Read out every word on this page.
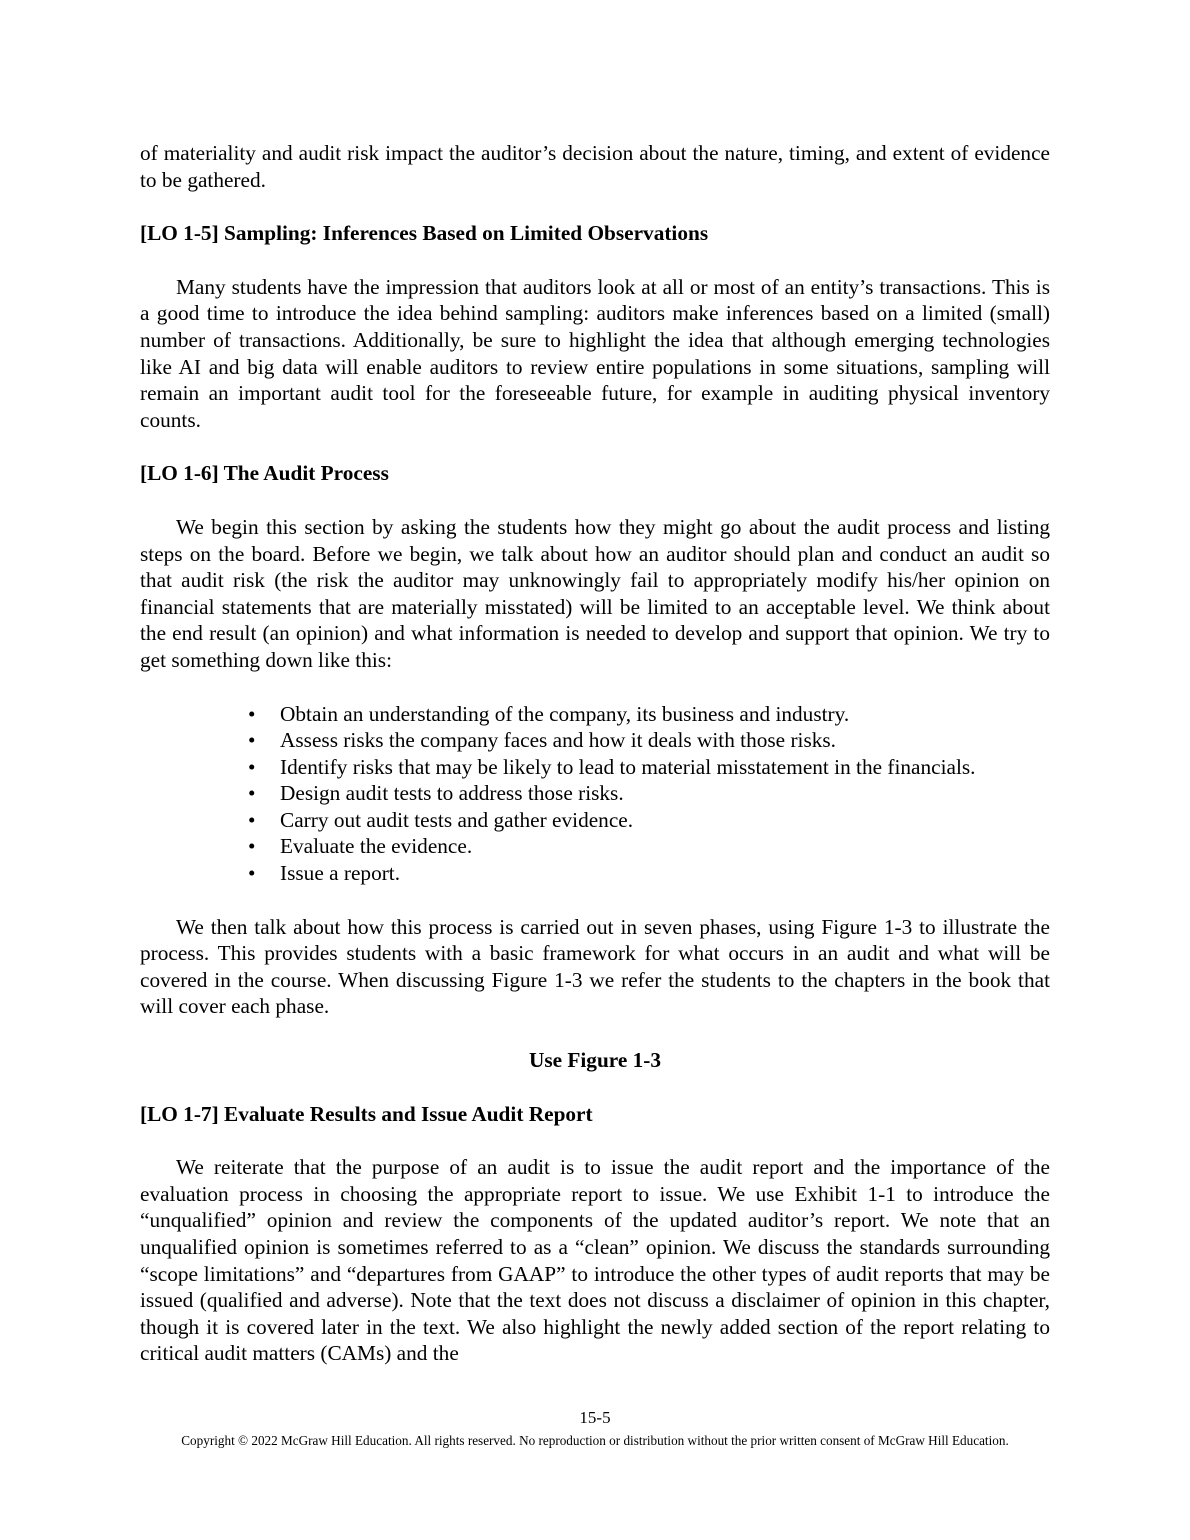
of materiality and audit risk impact the auditor’s decision about the nature, timing, and extent of evidence to be gathered.

[LO 1-5] Sampling: Inferences Based on Limited Observations

Many students have the impression that auditors look at all or most of an entity’s transactions. This is a good time to introduce the idea behind sampling: auditors make inferences based on a limited (small) number of transactions. Additionally, be sure to highlight the idea that although emerging technologies like AI and big data will enable auditors to review entire populations in some situations, sampling will remain an important audit tool for the foreseeable future, for example in auditing physical inventory counts.

[LO 1-6] The Audit Process

We begin this section by asking the students how they might go about the audit process and listing steps on the board. Before we begin, we talk about how an auditor should plan and conduct an audit so that audit risk (the risk the auditor may unknowingly fail to appropriately modify his/her opinion on financial statements that are materially misstated) will be limited to an acceptable level. We think about the end result (an opinion) and what information is needed to develop and support that opinion. We try to get something down like this:

• Obtain an understanding of the company, its business and industry.
• Assess risks the company faces and how it deals with those risks.
• Identify risks that may be likely to lead to material misstatement in the financials.
• Design audit tests to address those risks.
• Carry out audit tests and gather evidence.
• Evaluate the evidence.
• Issue a report.

We then talk about how this process is carried out in seven phases, using Figure 1-3 to illustrate the process. This provides students with a basic framework for what occurs in an audit and what will be covered in the course. When discussing Figure 1-3 we refer the students to the chapters in the book that will cover each phase.

Use Figure 1-3

[LO 1-7] Evaluate Results and Issue Audit Report

We reiterate that the purpose of an audit is to issue the audit report and the importance of the evaluation process in choosing the appropriate report to issue. We use Exhibit 1-1 to introduce the “unqualified” opinion and review the components of the updated auditor’s report. We note that an unqualified opinion is sometimes referred to as a “clean” opinion. We discuss the standards surrounding “scope limitations” and “departures from GAAP” to introduce the other types of audit reports that may be issued (qualified and adverse). Note that the text does not discuss a disclaimer of opinion in this chapter, though it is covered later in the text. We also highlight the newly added section of the report relating to critical audit matters (CAMs) and the

15-5
Copyright © 2022 McGraw Hill Education. All rights reserved. No reproduction or distribution without the prior written consent of McGraw Hill Education.
